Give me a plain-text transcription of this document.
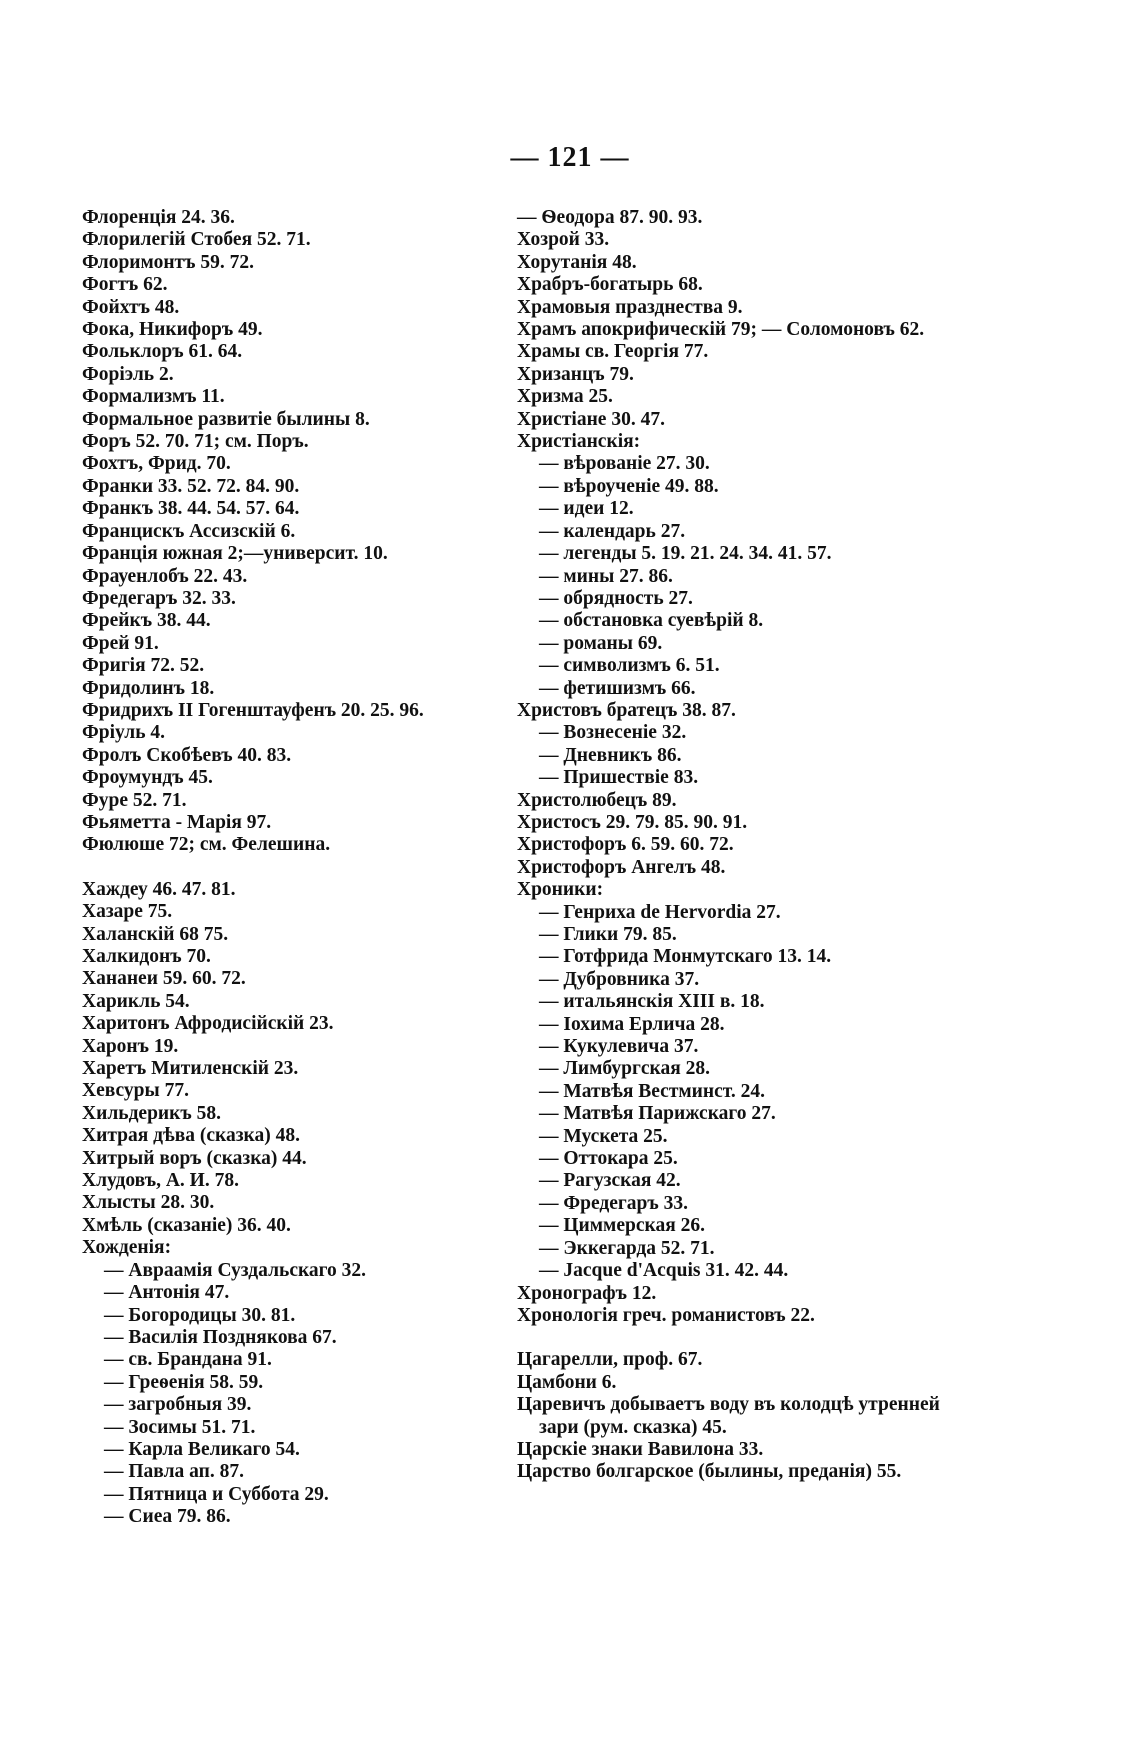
— 121 —
Флоренція 24. 36.
Флорилегій Стобея 52. 71.
Флоримонтъ 59. 72.
Фогтъ 62.
Фойхтъ 48.
Фока, Никифоръ 49.
Фольклоръ 61. 64.
Форіэль 2.
Формализмъ 11.
Формальное развитіе былины 8.
Форъ 52. 70. 71; см. Поръ.
Фохтъ, Фрид. 70.
Франки 33. 52. 72. 84. 90.
Франкъ 38. 44. 54. 57. 64.
Францискъ Ассизскій 6.
Франція южная 2;—университ. 10.
Фрауенлобъ 22. 43.
Фредегаръ 32. 33.
Фрейкъ 38. 44.
Фрей 91.
Фригія 72. 52.
Фридолинъ 18.
Фридрихъ II Гогенштауфенъ 20. 25. 96.
Фріуль 4.
Фролъ Скобѣевъ 40. 83.
Фроумундъ 45.
Фуре 52. 71.
Фьяметта - Марія 97.
Фюлюше 72; см. Фелешина.
Хаждеу 46. 47. 81.
Хазаре 75.
Халанскій 68 75.
Халкидонъ 70.
Хананеи 59. 60. 72.
Харикль 54.
Харитонъ Афродисійскій 23.
Харонъ 19.
Харетъ Митиленскій 23.
Хевсуры 77.
Хильдерикъ 58.
Хитрая дѣва (сказка) 48.
Хитрый воръ (сказка) 44.
Хлудовъ, А. И. 78.
Хлысты 28. 30.
Хмѣль (сказаніе) 36. 40.
Хожденія:
— Авраамія Суздальскаго 32.
— Антонія 47.
— Богородицы 30. 81.
— Василія Позднякова 67.
— св. Брандана 91.
— Греѳенія 58. 59.
— загробныя 39.
— Зосимы 51. 71.
— Карла Великаго 54.
— Павла ап. 87.
— Пятница и Суббота 29.
— Сиеа 79. 86.
— Ѳеодора 87. 90. 93.
Хозрой 33.
Хорутанія 48.
Храбръ-богатырь 68.
Храмовыя празднества 9.
Храмъ апокрифическій 79; — Соломоновъ 62.
Храмы св. Георгія 77.
Хризанцъ 79.
Хризма 25.
Христіане 30. 47.
Христіанскія:
— вѣрованіе 27. 30.
— вѣроученіе 49. 88.
— идеи 12.
— календарь 27.
— легенды 5. 19. 21. 24. 34. 41. 57.
— мины 27. 86.
— обрядность 27.
— обстановка суевѣрій 8.
— романы 69.
— символизмъ 6. 51.
— фетишизмъ 66.
Христовъ братецъ 38. 87.
— Вознесеніе 32.
— Дневникъ 86.
— Пришествіе 83.
Христолюбецъ 89.
Христосъ 29. 79. 85. 90. 91.
Христофоръ 6. 59. 60. 72.
Христофоръ Ангелъ 48.
Хроники:
— Генриха de Hervordia 27.
— Глики 79. 85.
— Готфрида Монмутскаго 13. 14.
— Дубровника 37.
— итальянскія XIII в. 18.
— Іохима Ерлича 28.
— Кукулевича 37.
— Лимбургская 28.
— Матвѣя Вестминст. 24.
— Матвѣя Парижскаго 27.
— Мускета 25.
— Оттокара 25.
— Рагузская 42.
— Фредегаръ 33.
— Циммерская 26.
— Эккегарда 52. 71.
— Jacque d'Acquis 31. 42. 44.
Хронографъ 12.
Хронологія греч. романистовъ 22.
Цагарелли, проф. 67.
Цамбони 6.
Царевичъ добываетъ воду въ колодцѣ утренней зари (рум. сказка) 45.
Царскіе знаки Вавилона 33.
Царство болгарское (былины, преданія) 55.
